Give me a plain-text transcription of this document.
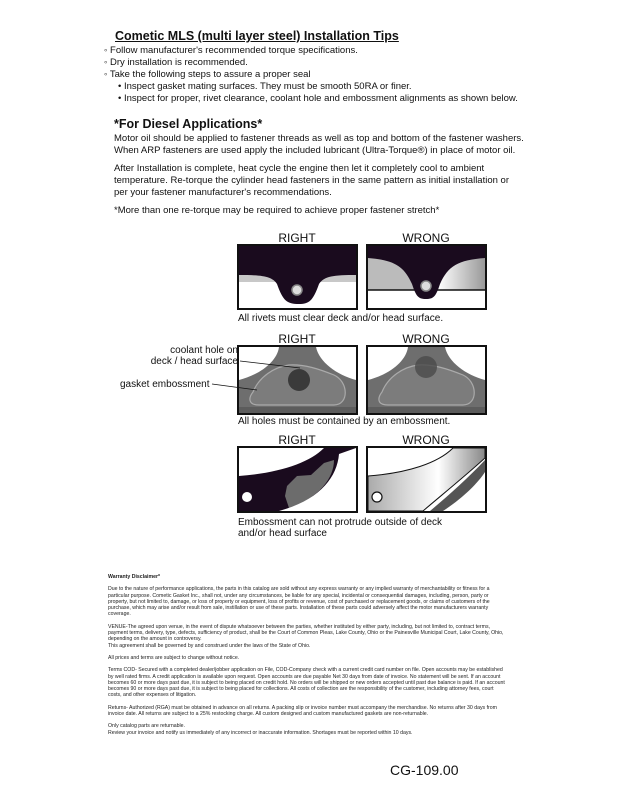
Cometic MLS (multi layer steel) Installation Tips
◦ Follow manufacturer's recommended torque specifications.
◦ Dry installation is recommended.
◦ Take the following steps to assure a proper seal
• Inspect gasket mating surfaces. They must be smooth 50RA or finer.
• Inspect for proper, rivet clearance, coolant hole and embossment alignments as shown below.
*For Diesel Applications*
Motor oil should be applied to fastener threads as well as top and bottom of the fastener washers. When ARP fasteners are used apply the included lubricant (Ultra-Torque®) in place of motor oil.
After Installation is complete, heat cycle the engine then let it completely cool to ambient temperature. Re-torque the cylinder head fasteners in the same pattern as initial installation or per your fastener manufacturer's recommendations.
*More than one re-torque may be required to achieve proper fastener stretch*
RIGHT	WRONG
All rivets must clear deck and/or head surface.
RIGHT	WRONG
coolant hole on
deck / head surface
gasket embossment
All holes must be contained by an embossment.
RIGHT	WRONG
Embossment can not protrude outside of deck
and/or head surface

Warranty Disclaimer*

Due to the nature of performance applications, the parts in this catalog are sold without any express warranty or any implied warranty of merchantability or fitness for a particular purpose. Cometic Gasket Inc., shall not, under any circumstances, be liable for any special, incidental or consequential damages, including, person, party or property, but not limited to, damage, or loss of property or equipment, loss of profits or revenue, cost of purchased or replacement goods, or claims of customers of the purchase, which may arise and/or result from sale, instillation or use of these parts. Installation of these parts could adversely affect the motor manufacturers warranty coverage.

VENUE-The agreed upon venue, in the event of dispute whatsoever between the parties, whether instituted by either party, including, but not limited to, contract terms, payment terms, delivery, type, defects, sufficiency of product, shall be the Court of Common Pleas, Lake County, Ohio or the Painesville Municipal Court, Lake County, Ohio, depending on the amount in controversy.

This agreement shall be governed by and construed under the laws of the State of Ohio.

All prices and terms are subject to change without notice.

Terms COD- Secured with a completed dealer/jobber application on File, COD-Company check with a current credit card number on file. Open accounts may be established by well rated firms. A credit application is available upon request. Open accounts are due payable Net 30 days from date of invoice. No statement will be sent. If an account becomes 60 or more days past due, it is subject to being placed on credit hold. No orders will be shipped or new orders accepted until past due balance is paid. If an account becomes 90 or more days past due, it is subject to being placed for collections. All costs of collection are the responsibility of the customer, including attorney fees, court costs, and other expenses of litigation.

Returns- Authorized (RGA) must be obtained in advance on all returns. A packing slip or invoice number must accompany the merchandise. No returns after 30 days from invoice date. All returns are subject to a 25% restocking charge. All custom designed and custom manufactured gaskets are non-returnable.

Only catalog parts are returnable.

Review your invoice and notify us immediately of any incorrect or inaccurate information. Shortages must be reported within 10 days.

CG-109.00
